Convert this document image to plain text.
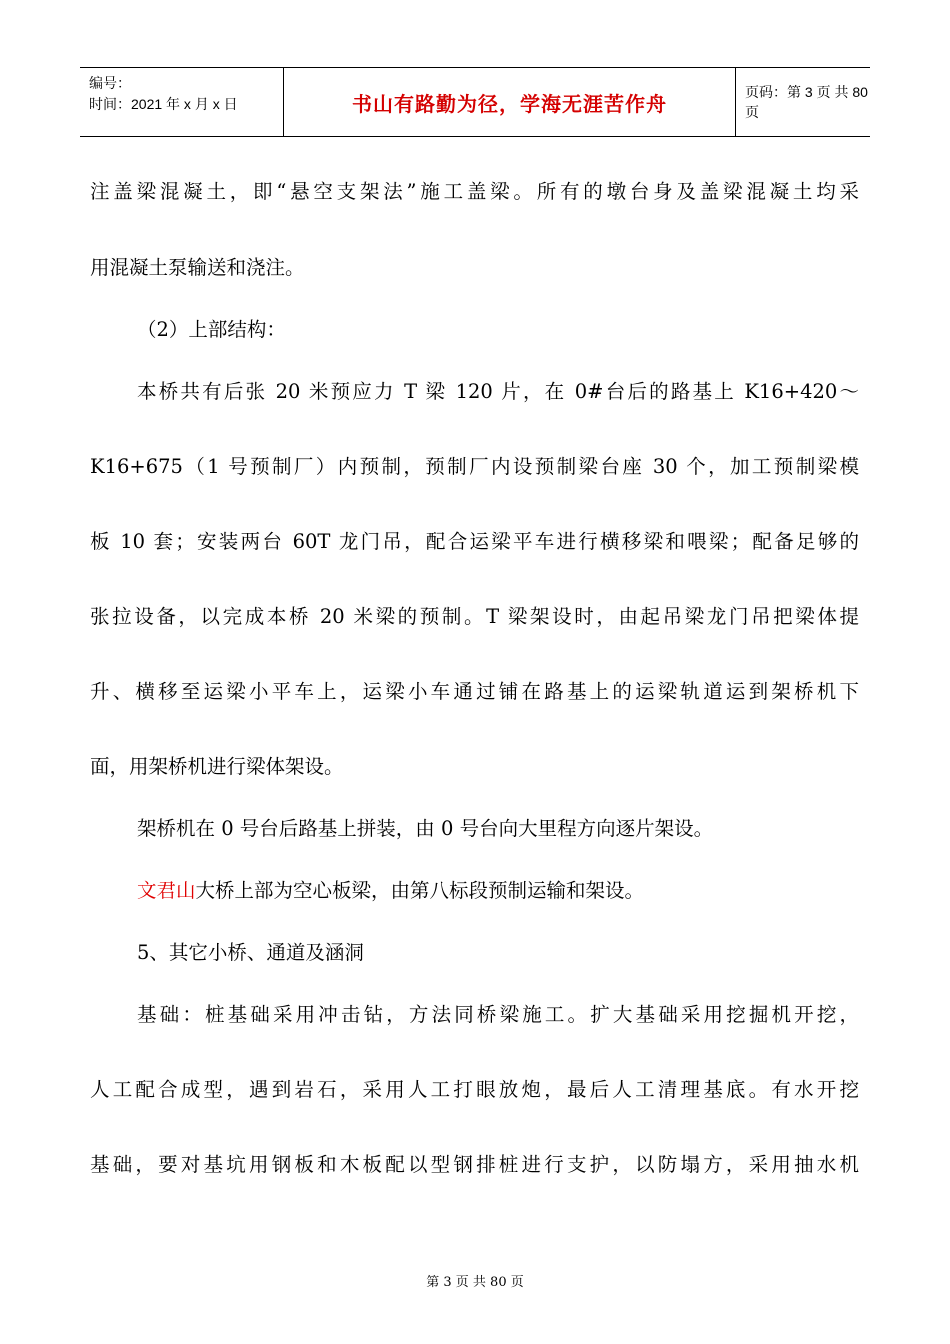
编号：
时间：2021 年 x 月 x 日	书山有路勤为径，学海无涯苦作舟	页码：第 3 页 共 80 页
注盖梁混凝土，即“悬空支架法”施工盖梁。所有的墩台身及盖梁混凝土均采
用混凝土泵输送和浇注。
（2）上部结构：
本桥共有后张 20 米预应力 T 梁 120 片，在 0#台后的路基上 K16+420～
K16+675（1 号预制厂）内预制，预制厂内设预制梁台座 30 个，加工预制梁模
板 10 套；安装两台 60T 龙门吊，配合运梁平车进行横移梁和喂梁；配备足够的
张拉设备，以完成本桥 20 米梁的预制。T 梁架设时，由起吊梁龙门吊把梁体提
升、横移至运梁小平车上，运梁小车通过铺在路基上的运梁轨道运到架桥机下
面，用架桥机进行梁体架设。
架桥机在 0 号台后路基上拼装，由 0 号台向大里程方向逐片架设。
文君山大桥上部为空心板梁，由第八标段预制运输和架设。
5、其它小桥、通道及涵洞
基础：桩基础采用冲击钻，方法同桥梁施工。扩大基础采用挖掘机开挖，
人工配合成型，遇到岩石，采用人工打眼放炮，最后人工清理基底。有水开挖
基础，要对基坑用钢板和木板配以型钢排桩进行支护，以防塌方，采用抽水机
第 3 页 共 80 页
